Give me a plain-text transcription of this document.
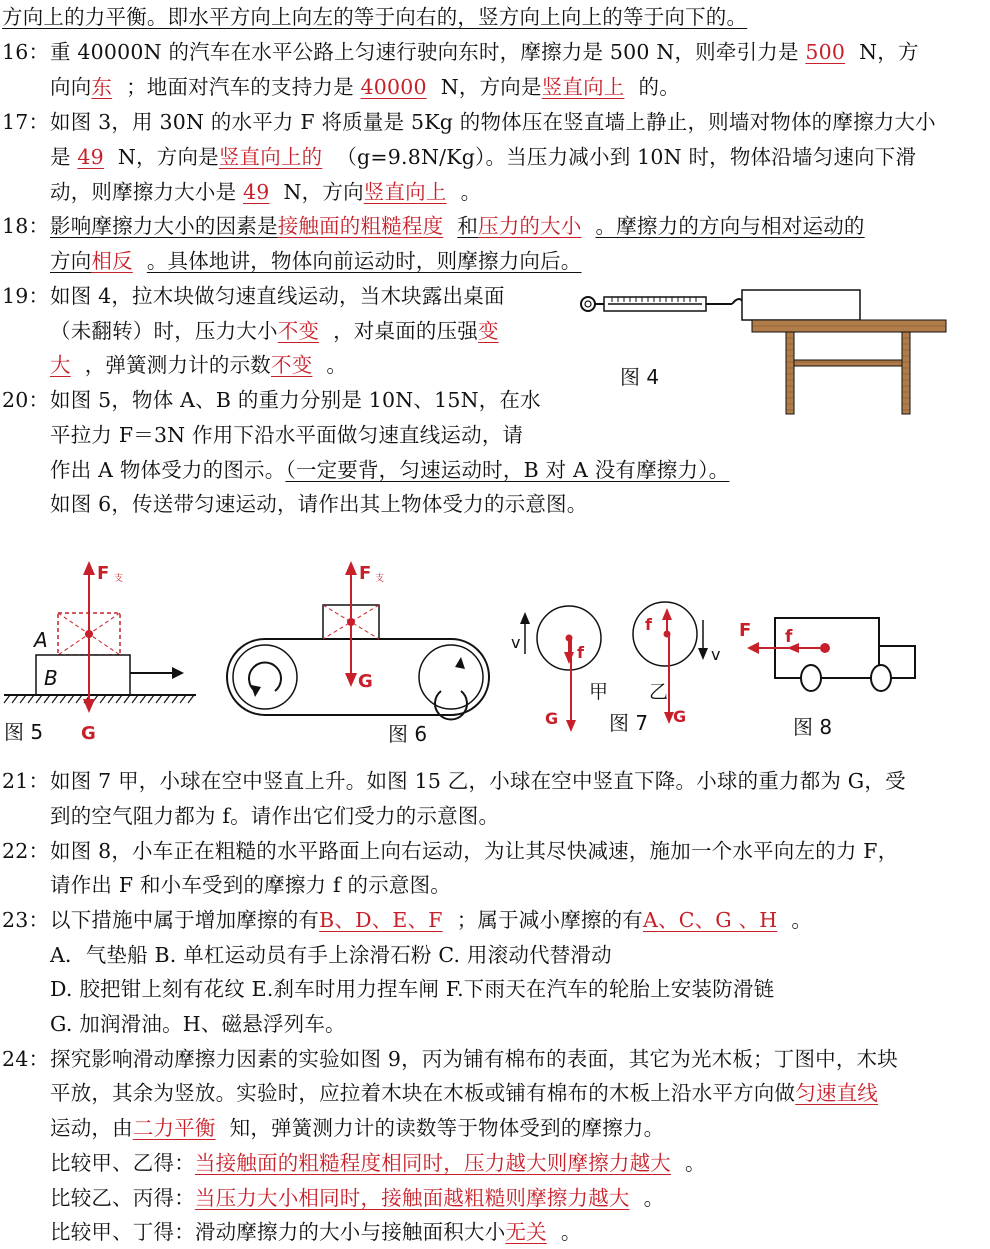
方向上的力平衡。即水平方向上向左的等于向右的，竖方向上向上的等于向下的。
16：重 40000N 的汽车在水平公路上匀速行驶向东时，摩擦力是 500 N，则牵引力是 500 N，方
向向东 ；地面对汽车的支持力是 40000 N，方向是竖直向上 的。
17：如图 3，用 30N 的水平力 F 将质量是 5Kg 的物体压在竖直墙上静止，则墙对物体的摩擦力大小
是 49 N，方向是竖直向上的 （g=9.8N/Kg）。当压力减小到 10N 时，物体沿墙匀速向下滑
动，则摩擦力大小是 49 N，方向竖直向上 。
18：影响摩擦力大小的因素是接触面的粗糙程度 和压力的大小 。摩擦力的方向与相对运动的
方向相反 。具体地讲，物体向前运动时，则摩擦力向后。
19：如图 4，拉木块做匀速直线运动，当木块露出桌面
（未翻转）时，压力大小不变 ，对桌面的压强变
大 ，弹簧测力计的示数不变 。
20：如图 5，物体 A、B 的重力分别是 10N、15N，在水
平拉力 F＝3N 作用下沿水平面做匀速直线运动，请
作出 A 物体受力的图示。（一定要背，匀速运动时，B 对 A 没有摩擦力）。
如图 6，传送带匀速运动，请作出其上物体受力的示意图。
21：如图 7 甲，小球在空中竖直上升。如图 15 乙，小球在空中竖直下降。小球的重力都为 G，受
到的空气阻力都为 f。请作出它们受力的示意图。
22：如图 8，小车正在粗糙的水平路面上向右运动，为让其尽快减速，施加一个水平向左的力 F，
请作出 F 和小车受到的摩擦力 f 的示意图。
23：以下措施中属于增加摩擦的有B、D、E、F ；属于减小摩擦的有A、C、G 、H 。
A．气垫船 B. 单杠运动员有手上涂滑石粉 C. 用滚动代替滑动
D. 胶把钳上刻有花纹 E.刹车时用力捏车闸 F.下雨天在汽车的轮胎上安装防滑链
G. 加润滑油。H、磁悬浮列车。
24：探究影响滑动摩擦力因素的实验如图 9，丙为铺有棉布的表面，其它为光木板；丁图中，木块
平放，其余为竖放。实验时，应拉着木块在木板或铺有棉布的木板上沿水平方向做匀速直线
运动，由二力平衡 知，弹簧测力计的读数等于物体受到的摩擦力。
比较甲、乙得：当接触面的粗糙程度相同时，压力越大则摩擦力越大 。
比较乙、丙得：当压力大小相同时，接触面越粗糙则摩擦力越大 。
比较甲、丁得：滑动摩擦力的大小与接触面积大小无关 。
图 4
A
B
F 支
G
图 5
F 支
G
图 6
v
f
G
甲
v
f
G
乙
图 7
F f
图 8
